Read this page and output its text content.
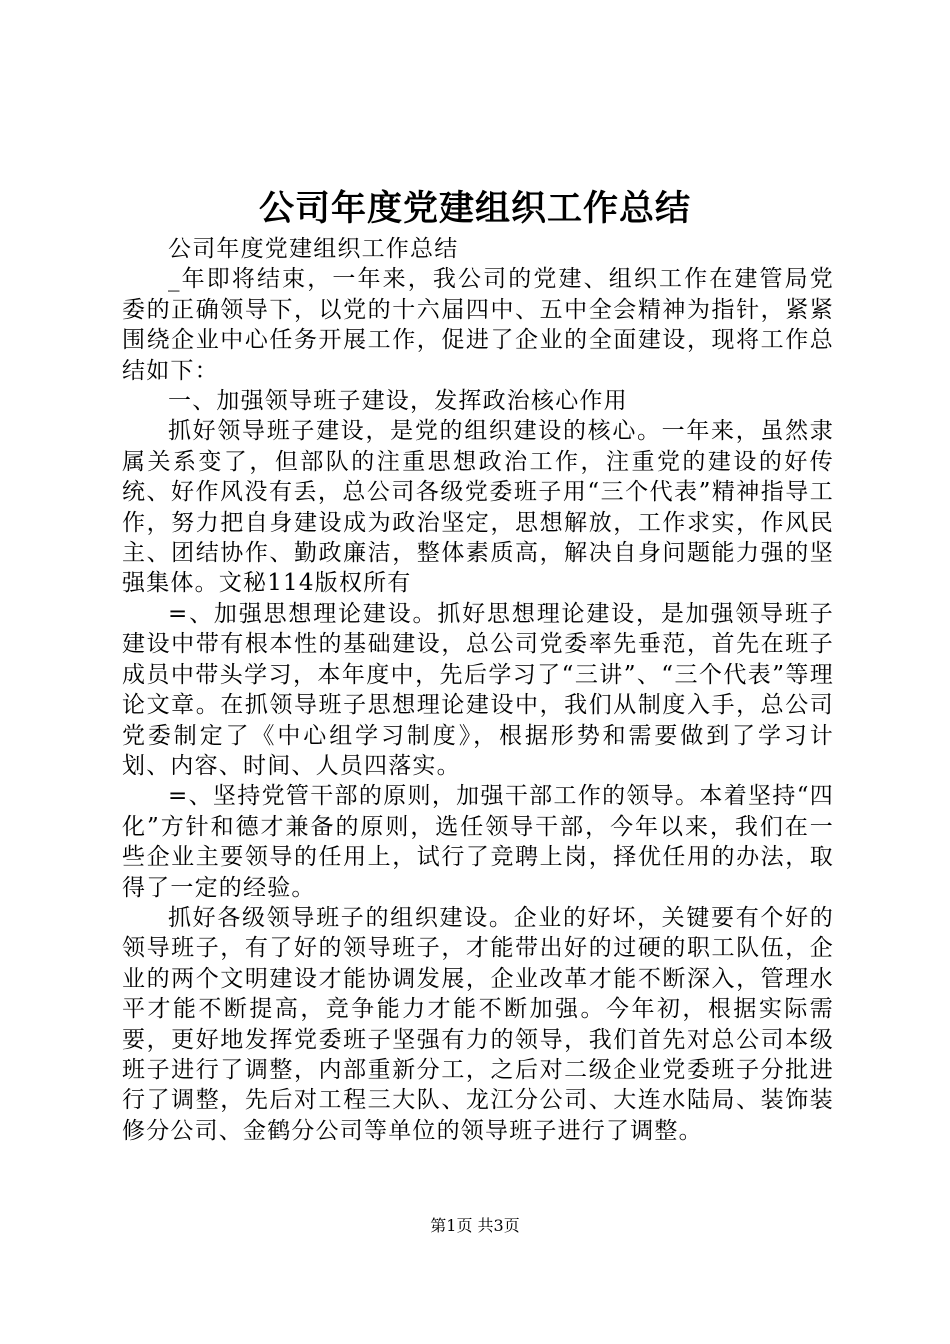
公司年度党建组织工作总结

公司年度党建组织工作总结

_年即将结束，一年来，我公司的党建、组织工作在建管局党委的正确领导下，以党的十六届四中、五中全会精神为指针，紧紧围绕企业中心任务开展工作，促进了企业的全面建设，现将工作总结如下：

一、加强领导班子建设，发挥政治核心作用

抓好领导班子建设，是党的组织建设的核心。一年来，虽然隶属关系变了，但部队的注重思想政治工作，注重党的建设的好传统、好作风没有丢，总公司各级党委班子用“三个代表”精神指导工作，努力把自身建设成为政治坚定，思想解放，工作求实，作风民主、团结协作、勤政廉洁，整体素质高，解决自身问题能力强的坚强集体。文秘114版权所有

=、加强思想理论建设。抓好思想理论建设，是加强领导班子建设中带有根本性的基础建设，总公司党委率先垂范，首先在班子成员中带头学习，本年度中，先后学习了“三讲”、“三个代表”等理论文章。在抓领导班子思想理论建设中，我们从制度入手，总公司党委制定了《中心组学习制度》，根据形势和需要做到了学习计划、内容、时间、人员四落实。

=、坚持党管干部的原则，加强干部工作的领导。本着坚持“四化”方针和德才兼备的原则，选任领导干部，今年以来，我们在一些企业主要领导的任用上，试行了竞聘上岗，择优任用的办法，取得了一定的经验。

抓好各级领导班子的组织建设。企业的好坏，关键要有个好的领导班子，有了好的领导班子，才能带出好的过硬的职工队伍，企业的两个文明建设才能协调发展，企业改革才能不断深入，管理水平才能不断提高，竞争能力才能不断加强。今年初，根据实际需要，更好地发挥党委班子坚强有力的领导，我们首先对总公司本级班子进行了调整，内部重新分工，之后对二级企业党委班子分批进行了调整，先后对工程三大队、龙江分公司、大连水陆局、装饰装修分公司、金鹤分公司等单位的领导班子进行了调整。

第1页 共3页
